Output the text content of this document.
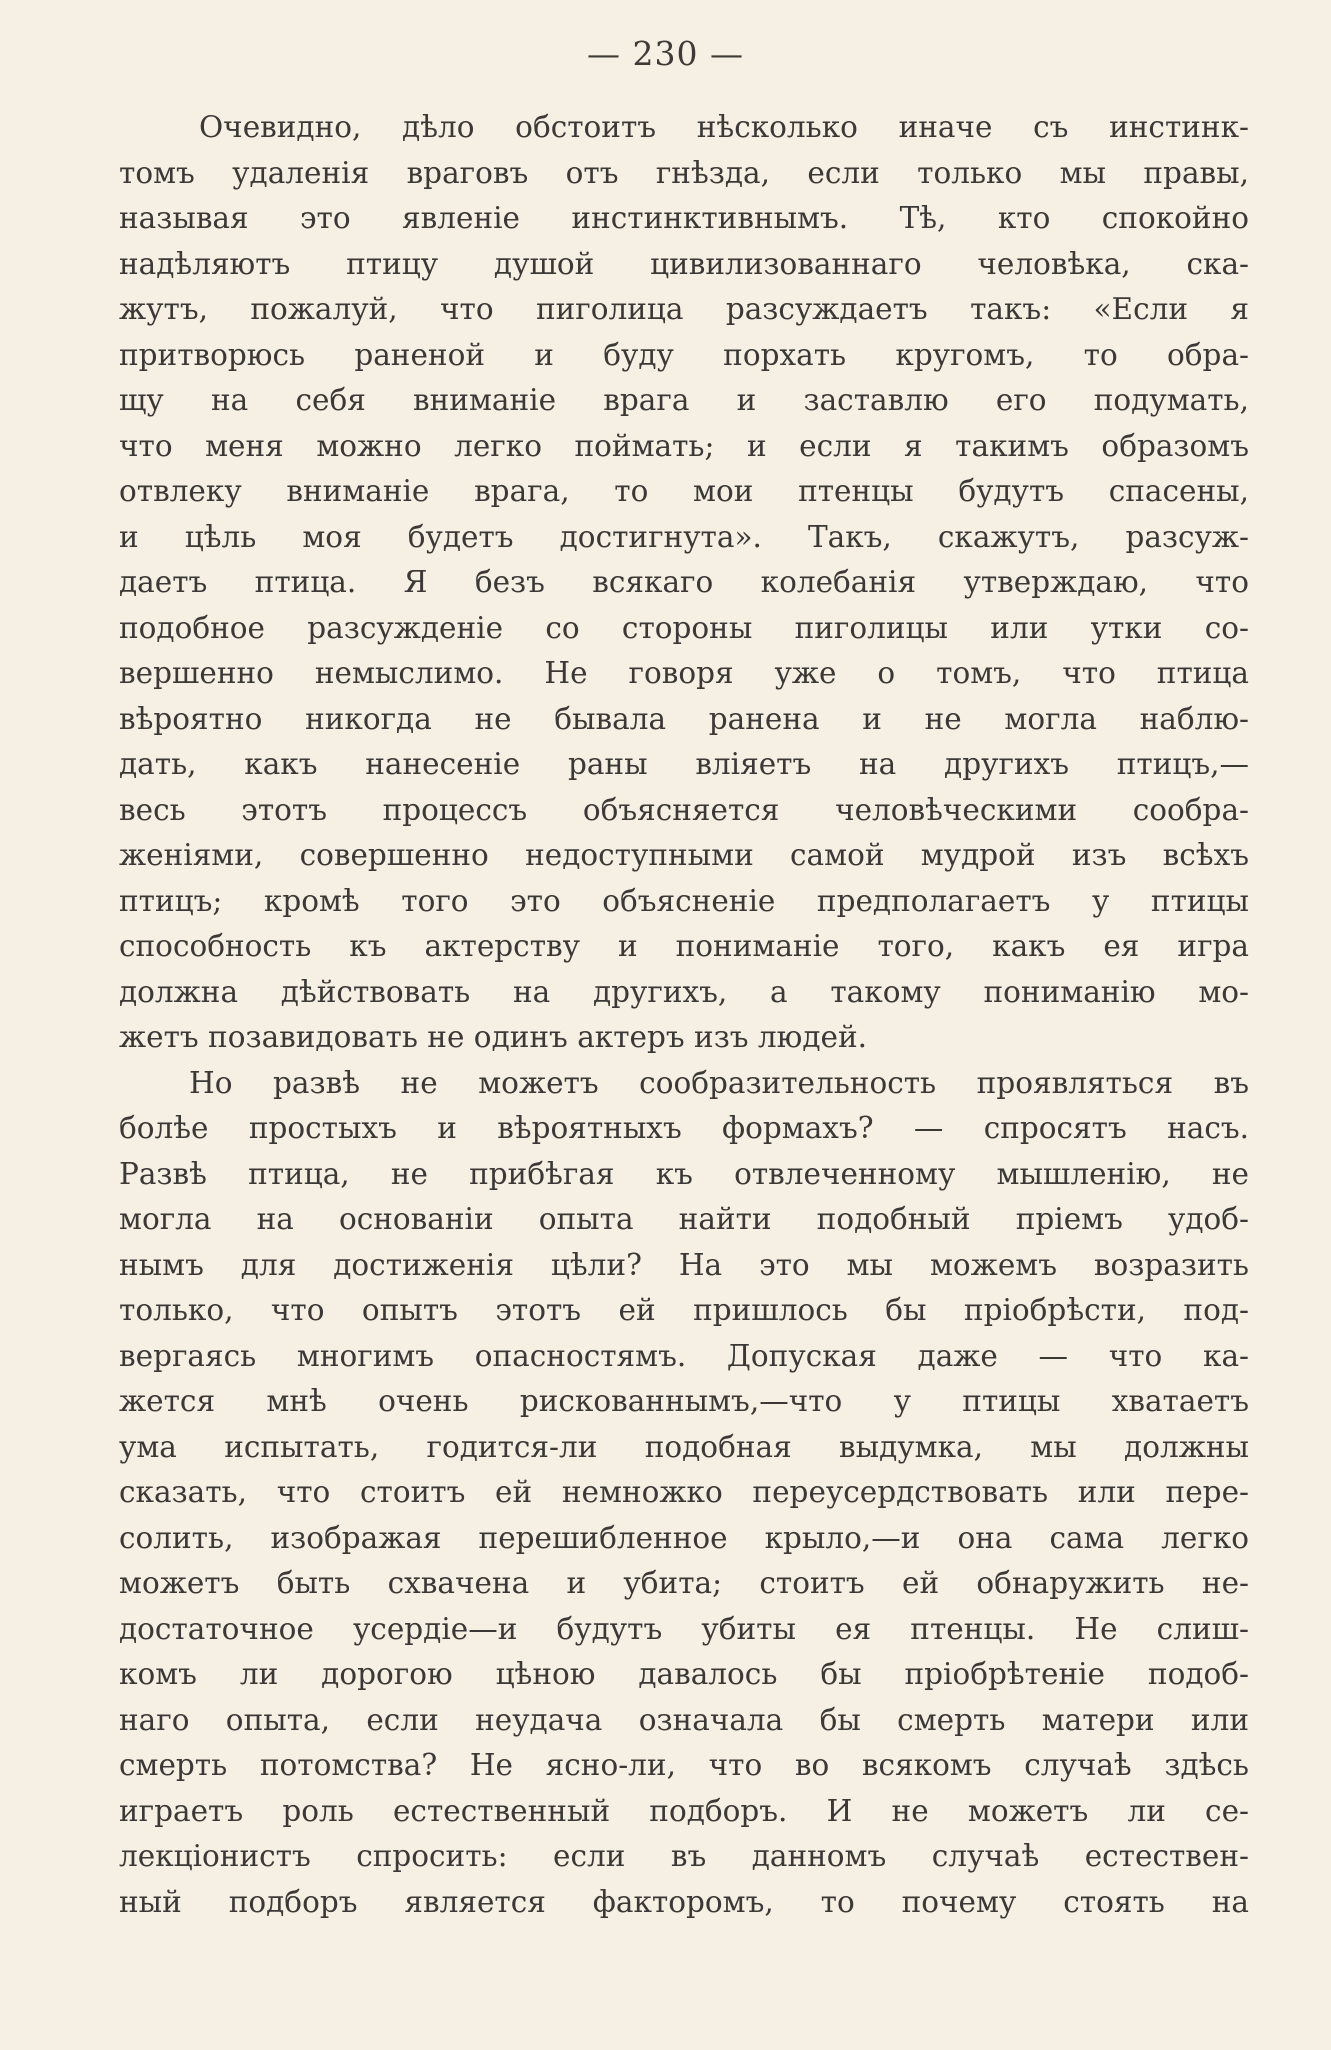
— 230 —
Очевидно, дѣло обстоитъ нѣсколько иначе съ инстинк-
томъ удаленія враговъ отъ гнѣзда, если только мы правы,
называя это явленіе инстинктивнымъ. Тѣ, кто спокойно
надѣляютъ птицу душой цивилизованнаго человѣка, ска-
жутъ, пожалуй, что пиголица разсуждаетъ такъ: «Если я
притворюсь раненой и буду порхать кругомъ, то обра-
щу на себя вниманіе врага и заставлю его подумать,
что меня можно легко поймать; и если я такимъ образомъ
отвлеку вниманіе врага, то мои птенцы будутъ спасены,
и цѣль моя будетъ достигнута». Такъ, скажутъ, разсуж-
даетъ птица. Я безъ всякаго колебанія утверждаю, что
подобное разсужденіе со стороны пиголицы или утки со-
вершенно немыслимо. Не говоря уже о томъ, что птица
вѣроятно никогда не бывала ранена и не могла наблю-
дать, какъ нанесеніе раны вліяетъ на другихъ птицъ,—
весь этотъ процессъ объясняется человѣческими сообра-
женіями, совершенно недоступными самой мудрой изъ всѣхъ
птицъ; кромѣ того это объясненіе предполагаетъ у птицы
способность къ актерству и пониманіе того, какъ ея игра
должна дѣйствовать на другихъ, а такому пониманію мо-
жетъ позавидовать не одинъ актеръ изъ людей.
Но развѣ не можетъ сообразительность проявляться въ
болѣе простыхъ и вѣроятныхъ формахъ? — спросятъ насъ.
Развѣ птица, не прибѣгая къ отвлеченному мышленію, не
могла на основаніи опыта найти подобный пріемъ удоб-
нымъ для достиженія цѣли? На это мы можемъ возразить
только, что опытъ этотъ ей пришлось бы пріобрѣсти, под-
вергаясь многимъ опасностямъ. Допуская даже — что ка-
жется мнѣ очень рискованнымъ,—что у птицы хватаетъ
ума испытать, годится-ли подобная выдумка, мы должны
сказать, что стоитъ ей немножко переусердствовать или пере-
солить, изображая перешибленное крыло,—и она сама легко
можетъ быть схвачена и убита; стоитъ ей обнаружить не-
достаточное усердіе—и будутъ убиты ея птенцы. Не слиш-
комъ ли дорогою цѣною давалось бы пріобрѣтеніе подоб-
наго опыта, если неудача означала бы смерть матери или
смерть потомства? Не ясно-ли, что во всякомъ случаѣ здѣсь
играетъ роль естественный подборъ. И не можетъ ли се-
лекціонистъ спросить: если въ данномъ случаѣ естествен-
ный подборъ является факторомъ, то почему стоять на
